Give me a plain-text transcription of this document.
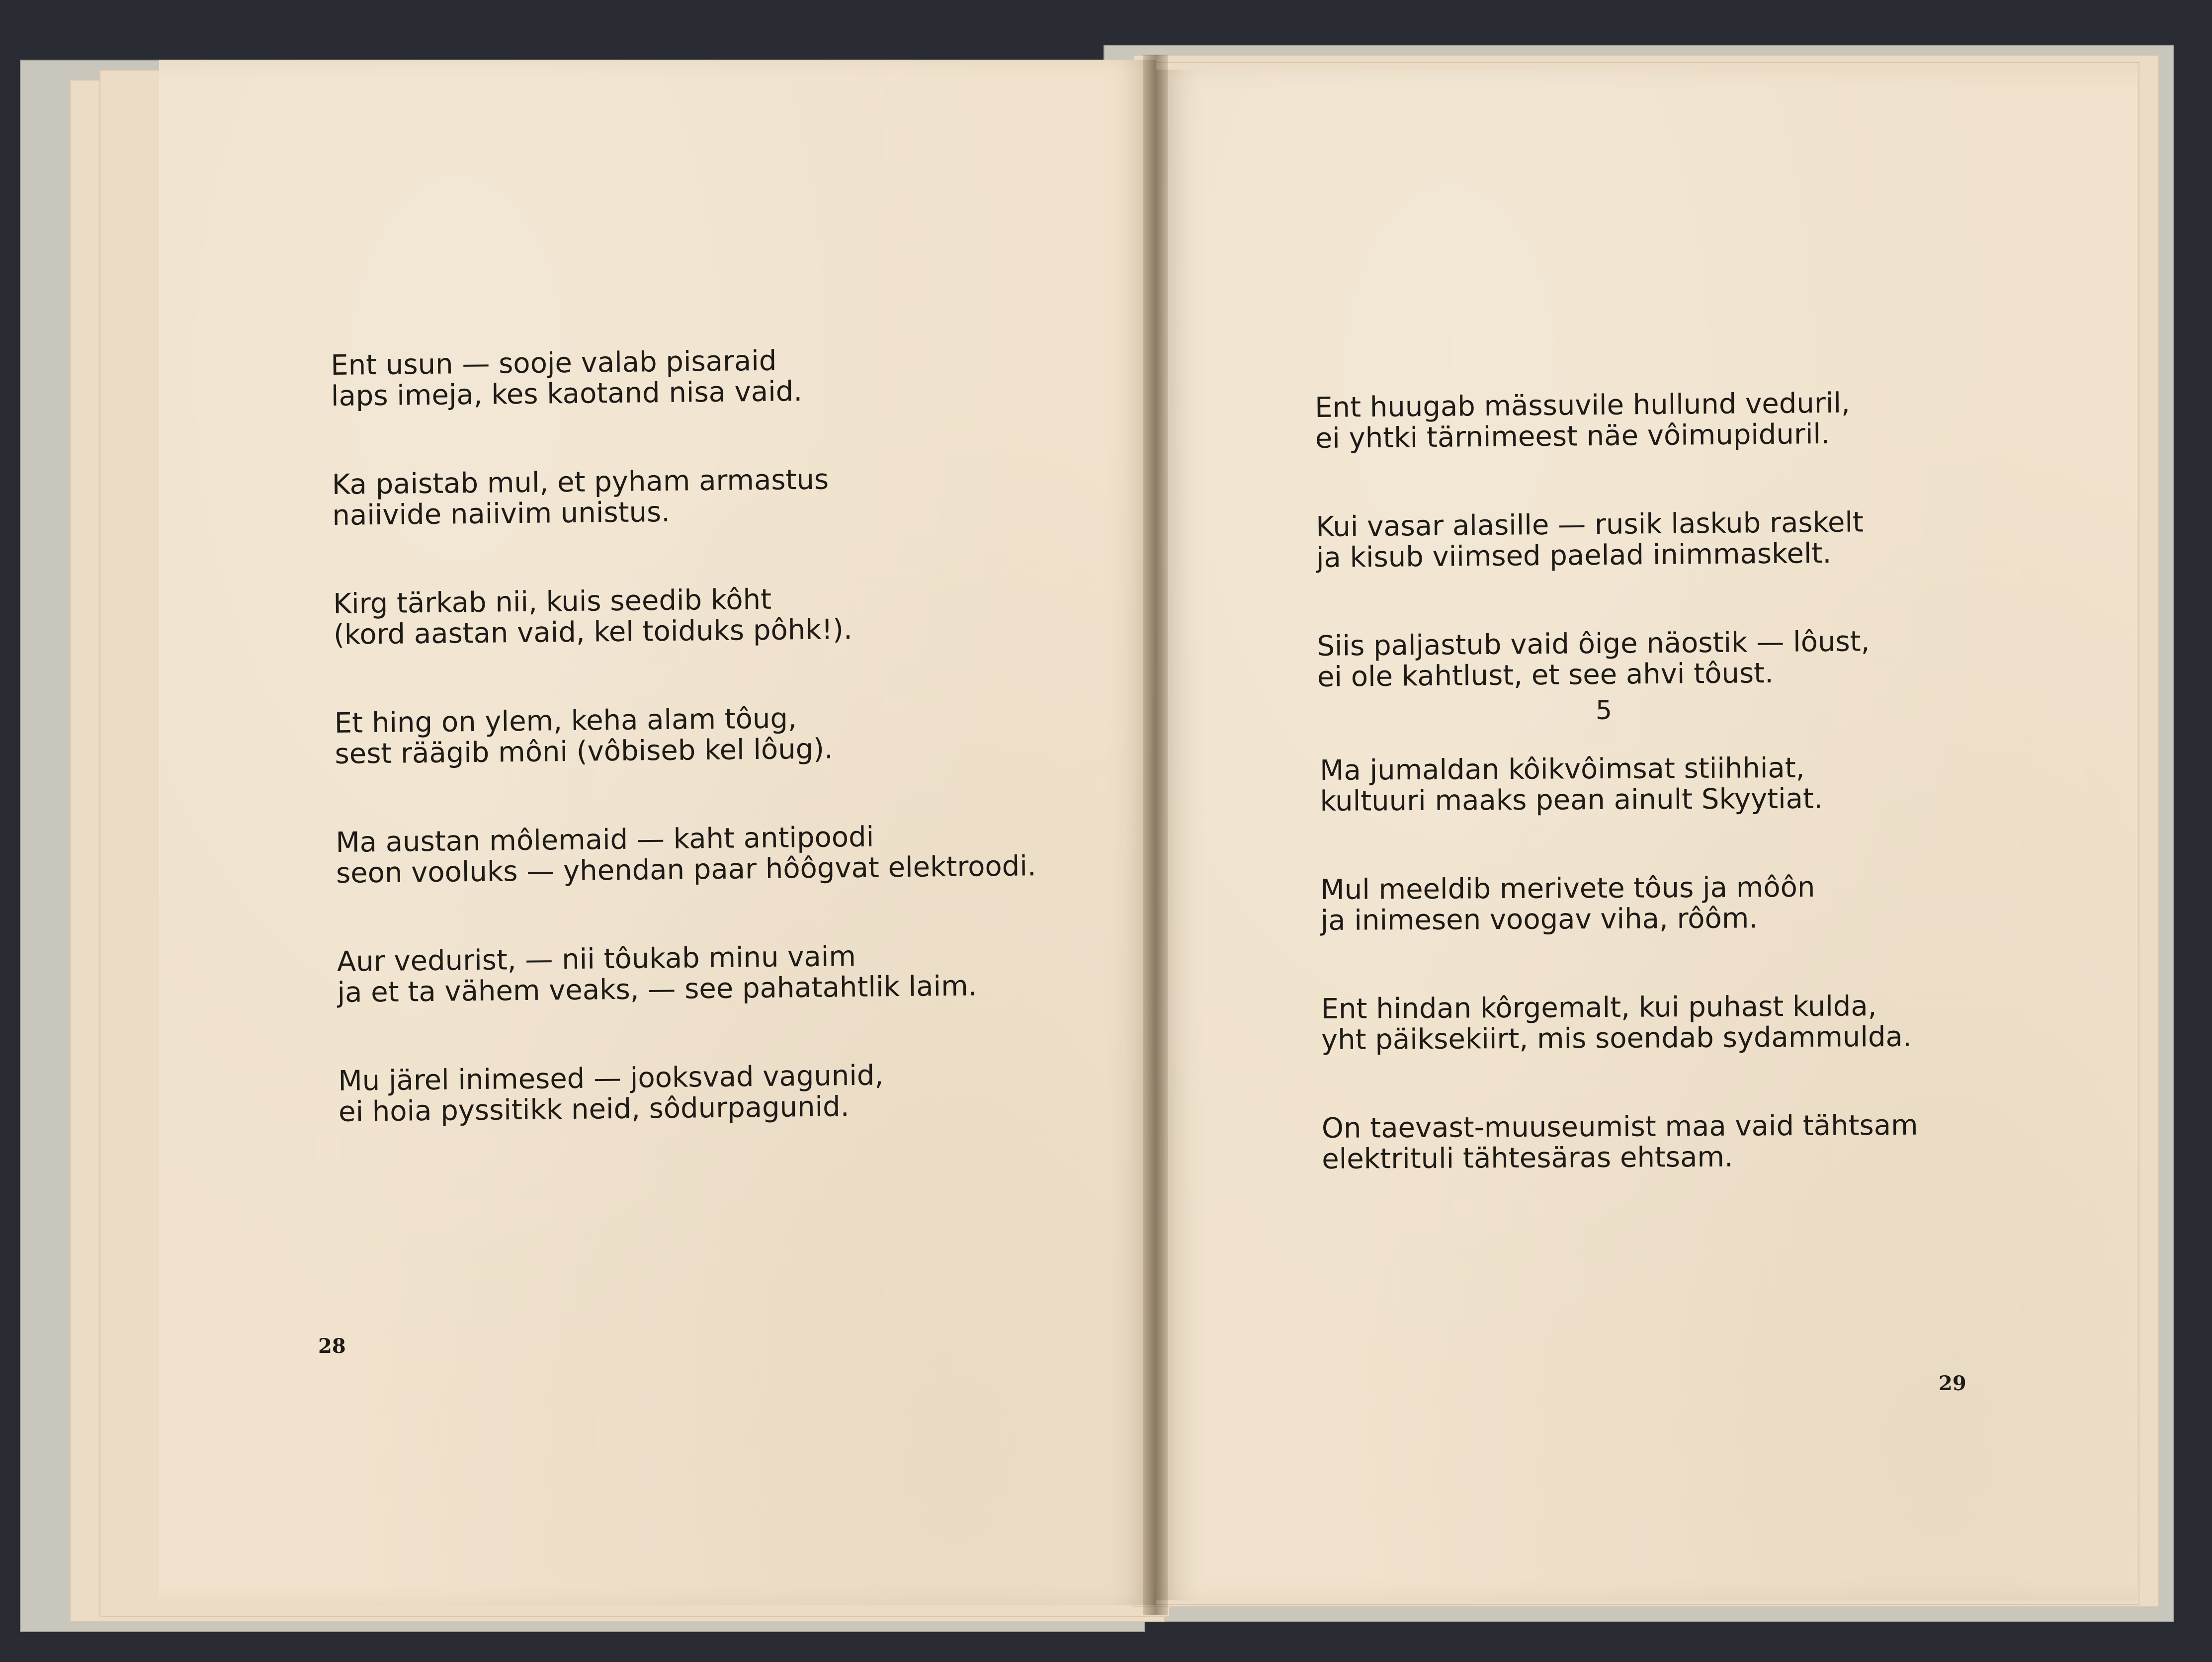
Ent usun — sooje valab pisaraid
laps imeja, kes kaotand nisa vaid.
Ka paistab mul, et pyham armastus
naiivide naiivim unistus.
Kirg tärkab nii, kuis seedib kôht
(kord aastan vaid, kel toiduks pôhk!).
Et hing on ylem, keha alam tôug,
sest räägib môni (vôbiseb kel lôug).
Ma austan môlemaid — kaht antipoodi
seon vooluks — yhendan paar hôôgvat elektroodi.
Aur vedurist, — nii tôukab minu vaim
ja et ta vähem veaks, — see pahatahtlik laim.
Mu järel inimesed — jooksvad vagunid,
ei hoia pyssitikk neid, sôdurpagunid.
28
Ent huugab mässuvile hullund veduril,
ei yhtki tärnimeest näe vôimupiduril.
Kui vasar alasille — rusik laskub raskelt
ja kisub viimsed paelad inimmaskelt.
Siis paljastub vaid ôige näostik — lôust,
ei ole kahtlust, et see ahvi tôust.
5
Ma jumaldan kôikvôimsat stiihhiat,
kultuuri maaks pean ainult Skyytiat.
Mul meeldib merivete tôus ja môôn
ja inimesen voogav viha, rôôm.
Ent hindan kôrgemalt, kui puhast kulda,
yht päiksekiirt, mis soendab sydammulda.
On taevast-muuseumist maa vaid tähtsam
elektrituli tähtesäras ehtsam.
29
